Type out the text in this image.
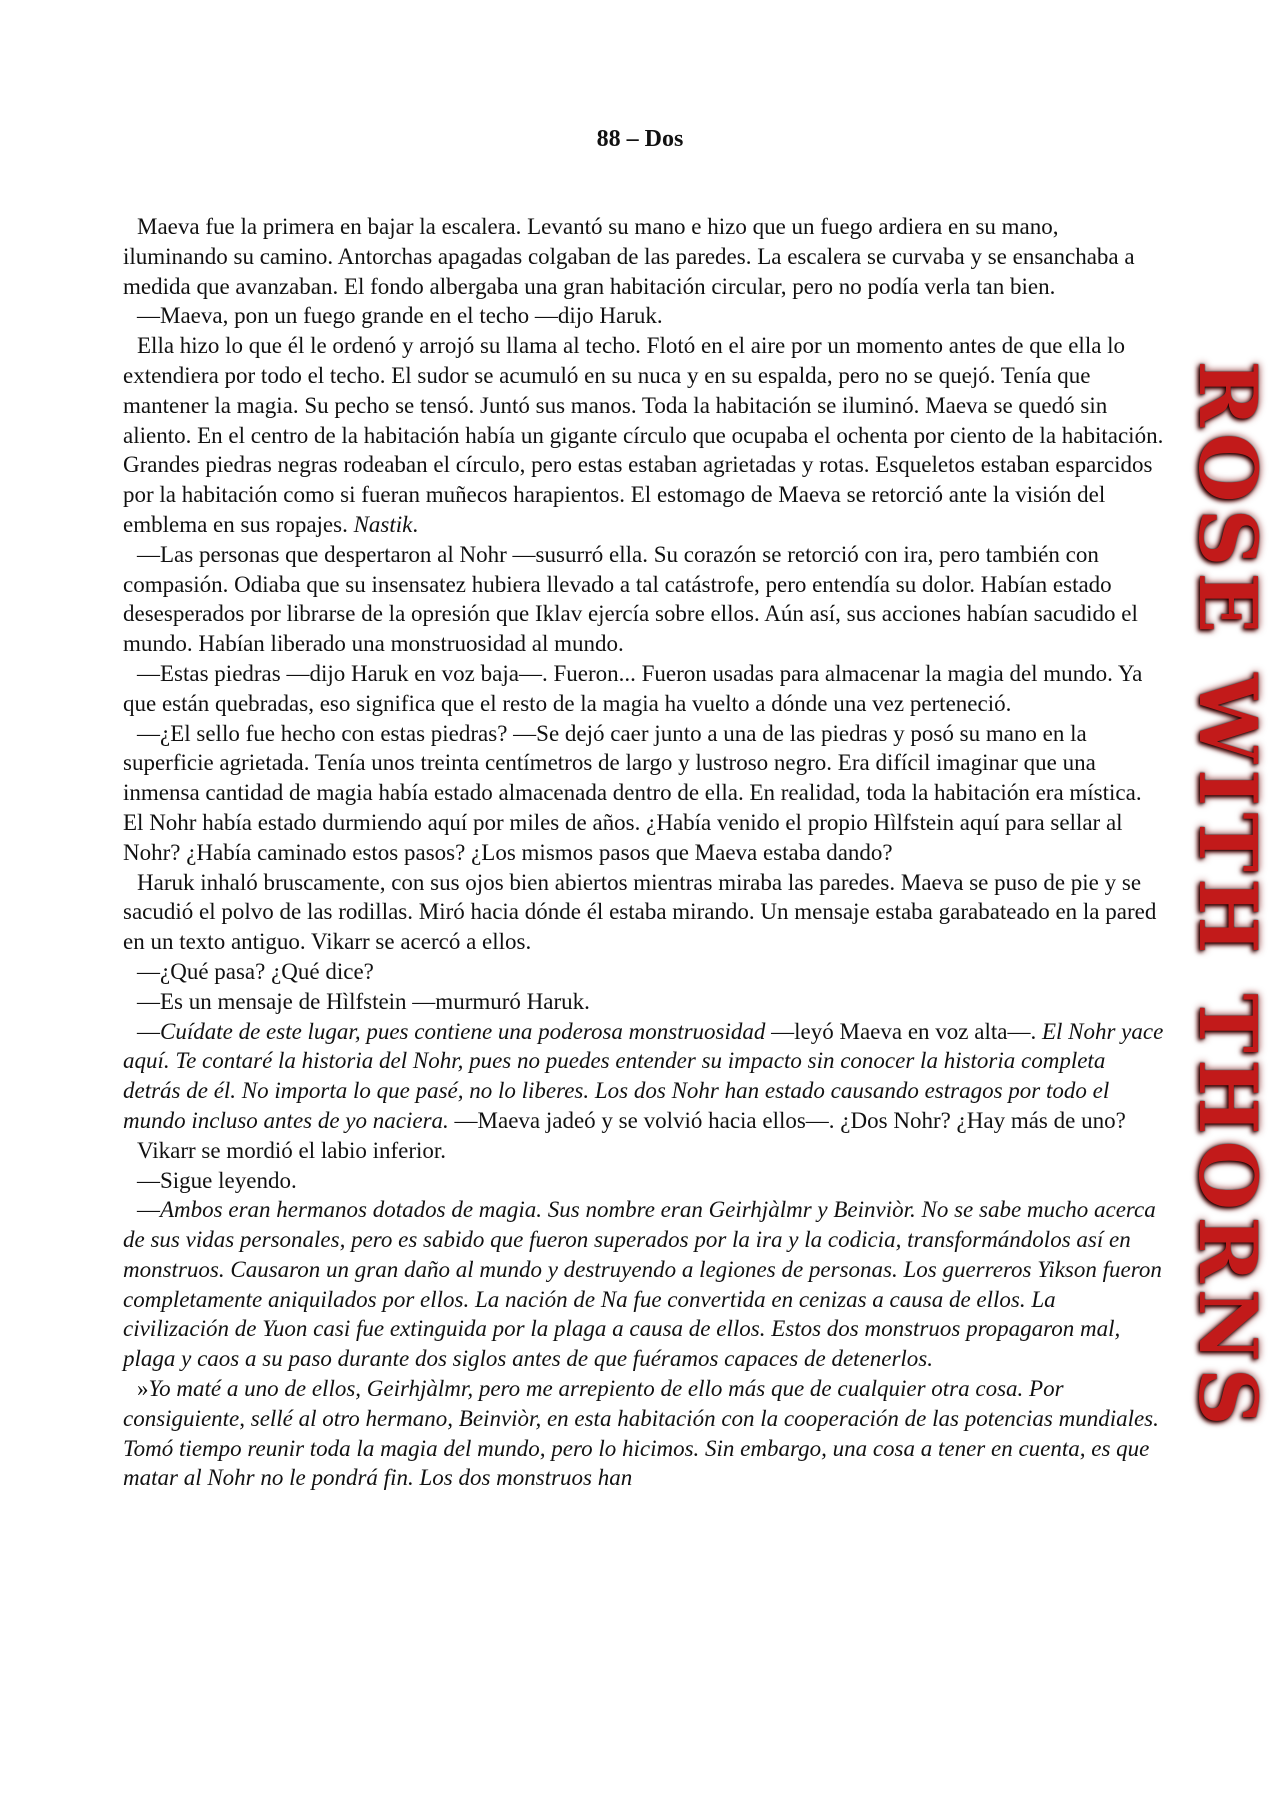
88 – Dos

Maeva fue la primera en bajar la escalera. Levantó su mano e hizo que un fuego ardiera en su mano, iluminando su camino. Antorchas apagadas colgaban de las paredes. La escalera se curvaba y se ensanchaba a medida que avanzaban. El fondo albergaba una gran habitación circular, pero no podía verla tan bien.

—Maeva, pon un fuego grande en el techo —dijo Haruk.

Ella hizo lo que él le ordenó y arrojó su llama al techo. Flotó en el aire por un momento antes de que ella lo extendiera por todo el techo. El sudor se acumuló en su nuca y en su espalda, pero no se quejó. Tenía que mantener la magia. Su pecho se tensó. Juntó sus manos. Toda la habitación se iluminó. Maeva se quedó sin aliento. En el centro de la habitación había un gigante círculo que ocupaba el ochenta por ciento de la habitación. Grandes piedras negras rodeaban el círculo, pero estas estaban agrietadas y rotas. Esqueletos estaban esparcidos por la habitación como si fueran muñecos harapientos. El estomago de Maeva se retorció ante la visión del emblema en sus ropajes. Nastik.

—Las personas que despertaron al Nohr —susurró ella. Su corazón se retorció con ira, pero también con compasión. Odiaba que su insensatez hubiera llevado a tal catástrofe, pero entendía su dolor. Habían estado desesperados por librarse de la opresión que Iklav ejercía sobre ellos. Aún así, sus acciones habían sacudido el mundo. Habían liberado una monstruosidad al mundo.

—Estas piedras —dijo Haruk en voz baja—. Fueron... Fueron usadas para almacenar la magia del mundo. Ya que están quebradas, eso significa que el resto de la magia ha vuelto a dónde una vez perteneció.

—¿El sello fue hecho con estas piedras? —Se dejó caer junto a una de las piedras y posó su mano en la superficie agrietada. Tenía unos treinta centímetros de largo y lustroso negro. Era difícil imaginar que una inmensa cantidad de magia había estado almacenada dentro de ella. En realidad, toda la habitación era mística. El Nohr había estado durmiendo aquí por miles de años. ¿Había venido el propio Hìlfstein aquí para sellar al Nohr? ¿Había caminado estos pasos? ¿Los mismos pasos que Maeva estaba dando?

Haruk inhaló bruscamente, con sus ojos bien abiertos mientras miraba las paredes. Maeva se puso de pie y se sacudió el polvo de las rodillas. Miró hacia dónde él estaba mirando. Un mensaje estaba garabateado en la pared en un texto antiguo. Vikarr se acercó a ellos.

—¿Qué pasa? ¿Qué dice?

—Es un mensaje de Hìlfstein —murmuró Haruk.

—Cuídate de este lugar, pues contiene una poderosa monstruosidad —leyó Maeva en voz alta—. El Nohr yace aquí. Te contaré la historia del Nohr, pues no puedes entender su impacto sin conocer la historia completa detrás de él. No importa lo que pasé, no lo liberes. Los dos Nohr han estado causando estragos por todo el mundo incluso antes de yo naciera. —Maeva jadeó y se volvió hacia ellos—. ¿Dos Nohr? ¿Hay más de uno?

Vikarr se mordió el labio inferior.

—Sigue leyendo.

—Ambos eran hermanos dotados de magia. Sus nombre eran Geirhjàlmr y Beinviòr. No se sabe mucho acerca de sus vidas personales, pero es sabido que fueron superados por la ira y la codicia, transformándolos así en monstruos. Causaron un gran daño al mundo y destruyendo a legiones de personas. Los guerreros Yikson fueron completamente aniquilados por ellos. La nación de Na fue convertida en cenizas a causa de ellos. La civilización de Yuon casi fue extinguida por la plaga a causa de ellos. Estos dos monstruos propagaron mal, plaga y caos a su paso durante dos siglos antes de que fuéramos capaces de detenerlos.

»Yo maté a uno de ellos, Geirhjàlmr, pero me arrepiento de ello más que de cualquier otra cosa. Por consiguiente, sellé al otro hermano, Beinviòr, en esta habitación con la cooperación de las potencias mundiales. Tomó tiempo reunir toda la magia del mundo, pero lo hicimos. Sin embargo, una cosa a tener en cuenta, es que matar al Nohr no le pondrá fin. Los dos monstruos han

ROSE WITH THORNS
